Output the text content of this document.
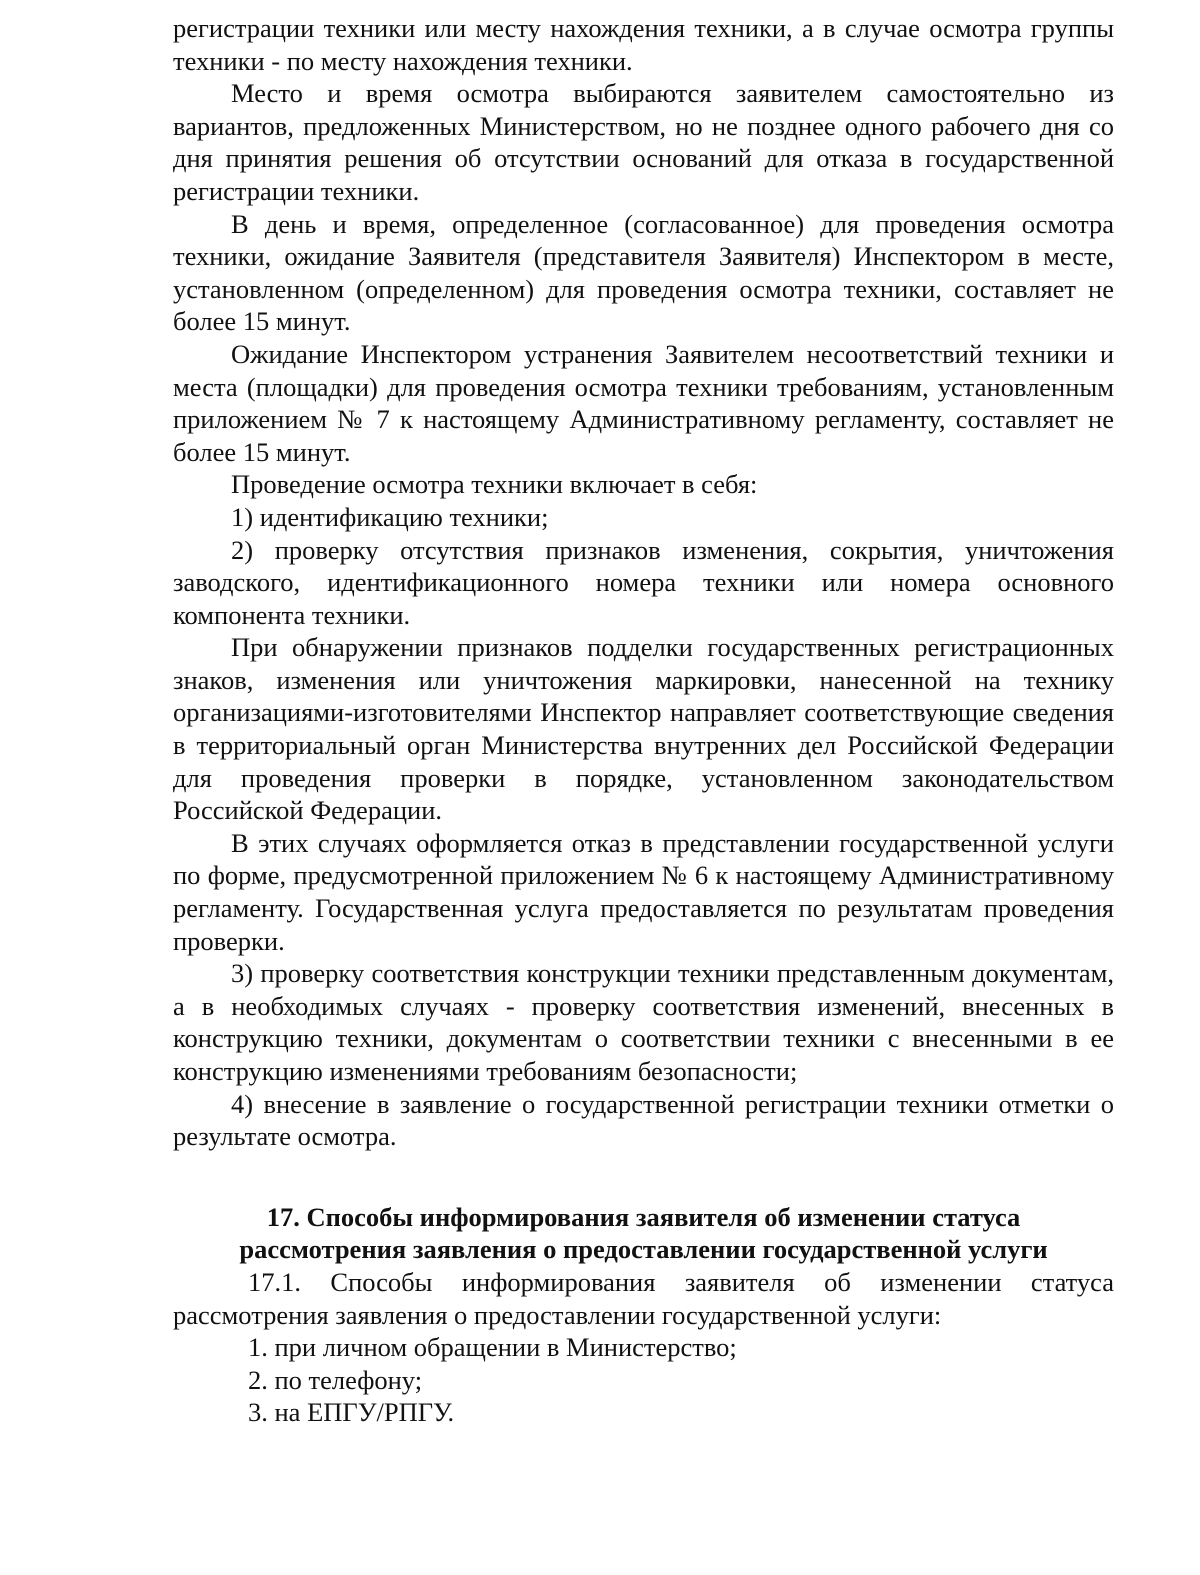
регистрации техники или месту нахождения техники, а в случае осмотра группы техники - по месту нахождения техники.

Место и время осмотра выбираются заявителем самостоятельно из вариантов, предложенных Министерством, но не позднее одного рабочего дня со дня принятия решения об отсутствии оснований для отказа в государственной регистрации техники.

В день и время, определенное (согласованное) для проведения осмотра техники, ожидание Заявителя (представителя Заявителя) Инспектором в месте, установленном (определенном) для проведения осмотра техники, составляет не более 15 минут.

Ожидание Инспектором устранения Заявителем несоответствий техники и места (площадки) для проведения осмотра техники требованиям, установленным приложением № 7 к настоящему Административному регламенту, составляет не более 15 минут.

Проведение осмотра техники включает в себя:

1) идентификацию техники;

2) проверку отсутствия признаков изменения, сокрытия, уничтожения заводского, идентификационного номера техники или номера основного компонента техники.

При обнаружении признаков подделки государственных регистрационных знаков, изменения или уничтожения маркировки, нанесенной на технику организациями-изготовителями Инспектор направляет соответствующие сведения в территориальный орган Министерства внутренних дел Российской Федерации для проведения проверки в порядке, установленном законодательством Российской Федерации.

В этих случаях оформляется отказ в представлении государственной услуги по форме, предусмотренной приложением № 6 к настоящему Административному регламенту. Государственная услуга предоставляется по результатам проведения проверки.

3) проверку соответствия конструкции техники представленным документам, а в необходимых случаях - проверку соответствия изменений, внесенных в конструкцию техники, документам о соответствии техники с внесенными в ее конструкцию изменениями требованиям безопасности;

4) внесение в заявление о государственной регистрации техники отметки о результате осмотра.

17. Способы информирования заявителя об изменении статуса
рассмотрения заявления о предоставлении государственной услуги

17.1. Способы информирования заявителя об изменении статуса рассмотрения заявления о предоставлении государственной услуги:

1. при личном обращении в Министерство;
2. по телефону;
3. на ЕПГУ/РПГУ.
